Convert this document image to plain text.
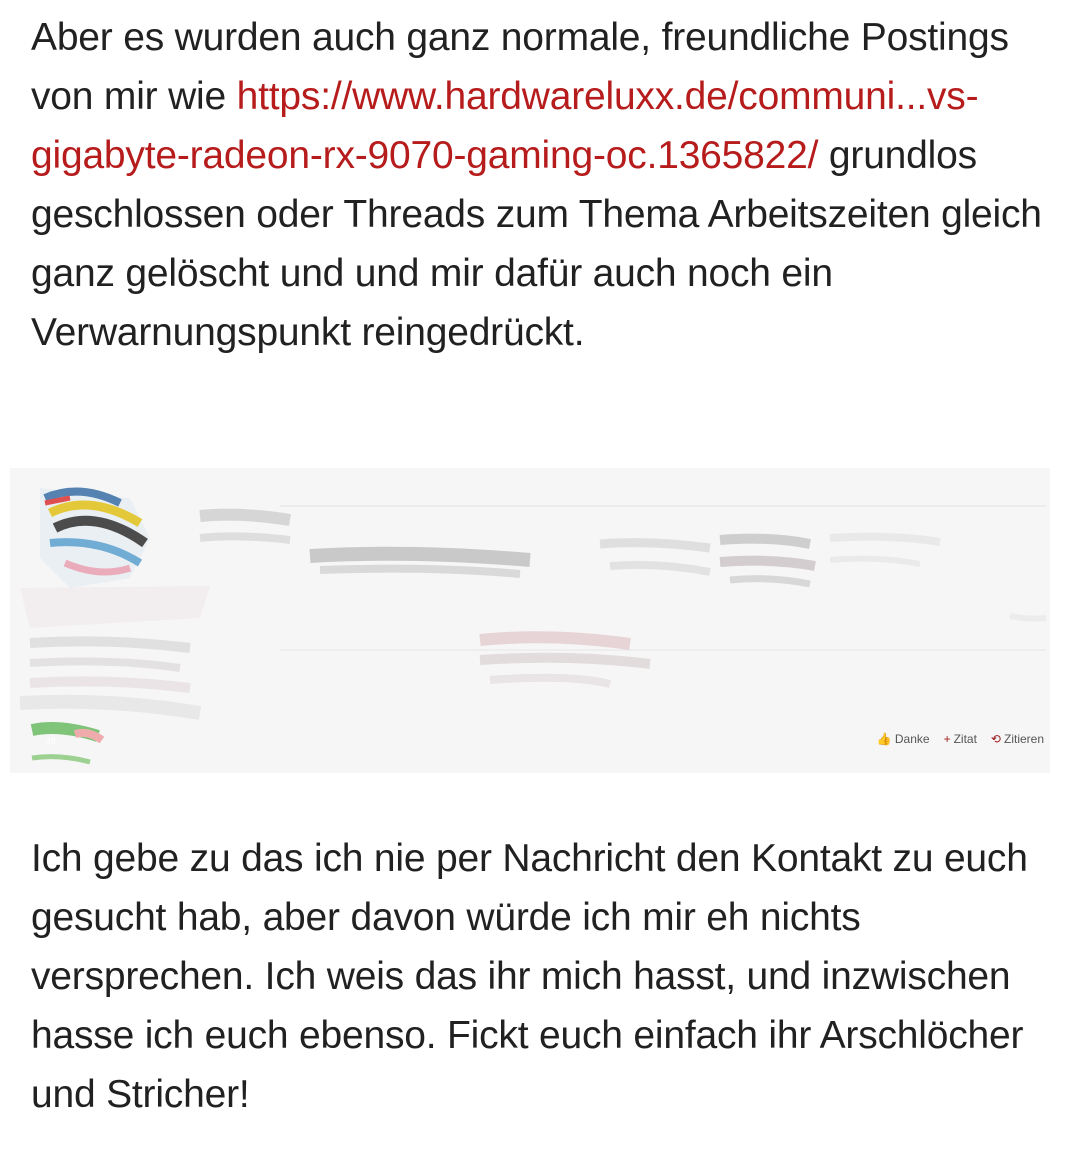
Aber es wurden auch ganz normale, freundliche Postings von mir wie https://www.hardwareluxx.de/communi...vs-gigabyte-radeon-rx-9070-gaming-oc.1365822/ grundlos geschlossen oder Threads zum Thema Arbeitszeiten gleich ganz gelöscht und und mir dafür auch noch ein Verwarnungspunkt reingedrückt.

👍 Danke + Zitat ⟲ Zitieren
48

Ich gebe zu das ich nie per Nachricht den Kontakt zu euch gesucht hab, aber davon würde ich mir eh nichts versprechen. Ich weis das ihr mich hasst, und inzwischen hasse ich euch ebenso. Fickt euch einfach ihr Arschlöcher und Stricher!
